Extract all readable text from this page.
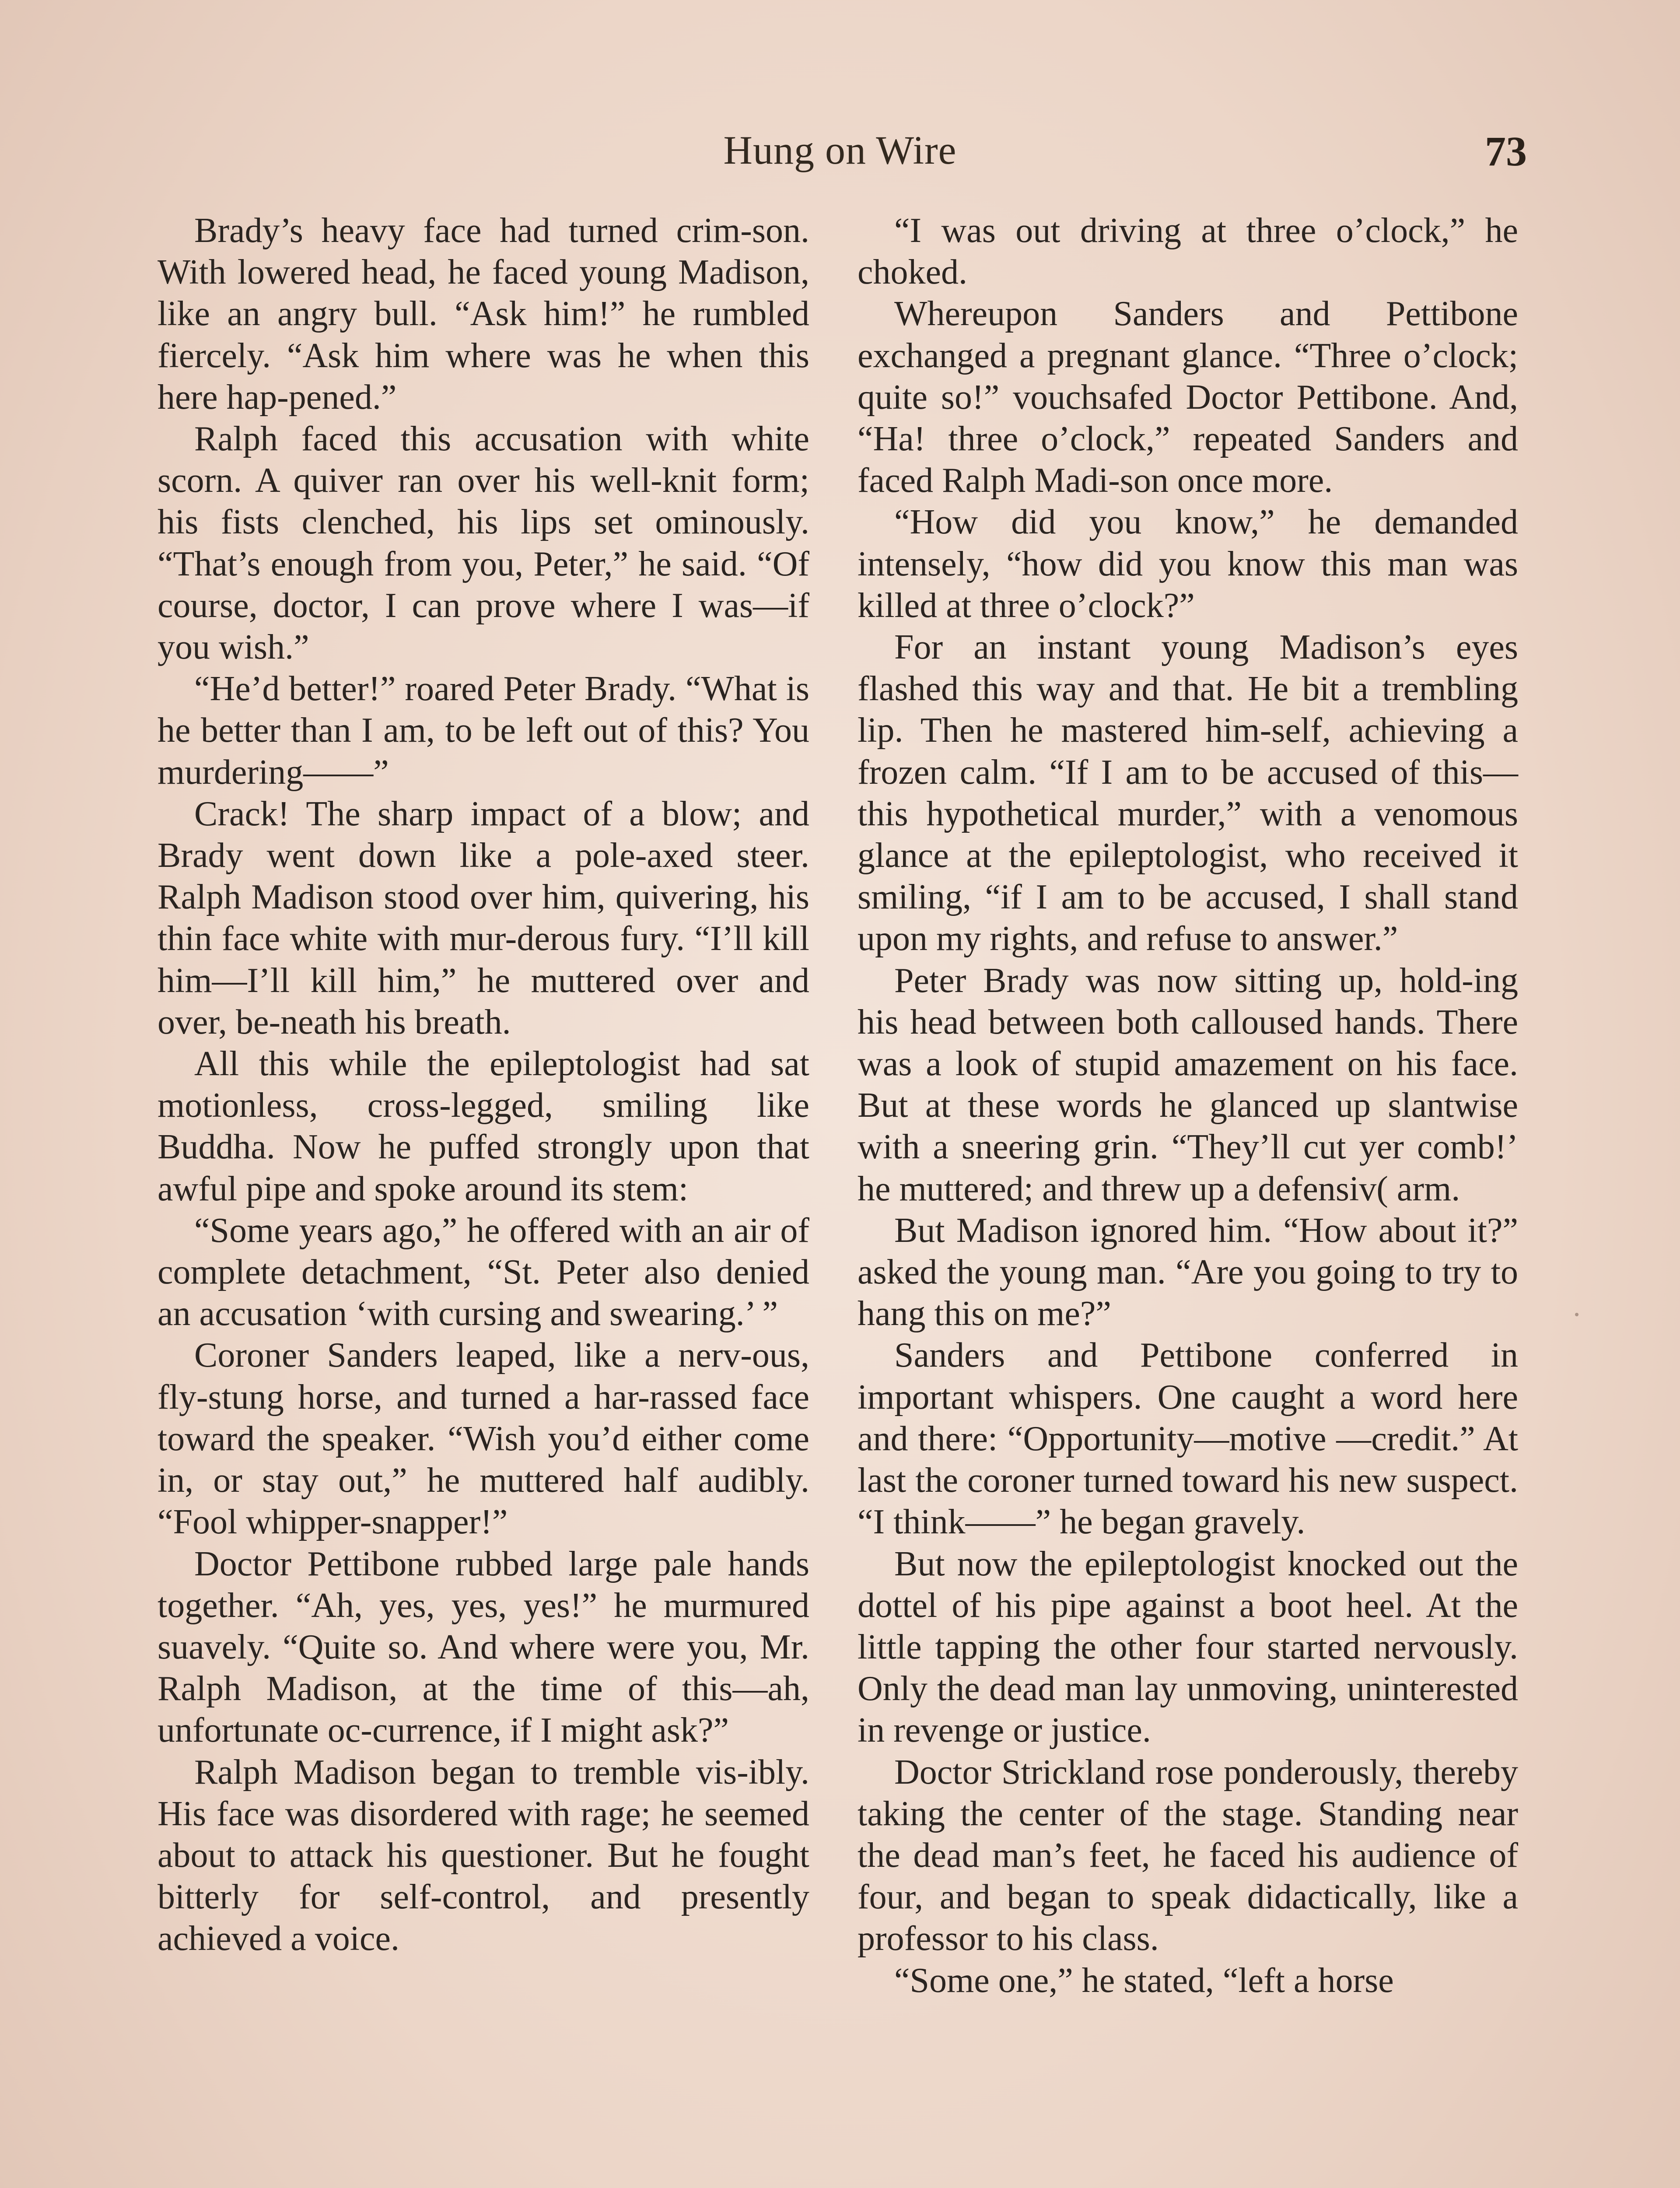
Hung on Wire	73

Brady’s heavy face had turned crim-son. With lowered head, he faced young Madison, like an angry bull. “Ask him!” he rumbled fiercely. “Ask him where was he when this here hap-pened.”

Ralph faced this accusation with white scorn. A quiver ran over his well-knit form; his fists clenched, his lips set ominously. “That’s enough from you, Peter,” he said. “Of course, doctor, I can prove where I was—if you wish.”

“He’d better!” roared Peter Brady. “What is he better than I am, to be left out of this? You murdering——”

Crack! The sharp impact of a blow; and Brady went down like a pole-axed steer. Ralph Madison stood over him, quivering, his thin face white with mur-derous fury. “I’ll kill him—I’ll kill him,” he muttered over and over, be-neath his breath.

All this while the epileptologist had sat motionless, cross-legged, smiling like Buddha. Now he puffed strongly upon that awful pipe and spoke around its stem:

“Some years ago,” he offered with an air of complete detachment, “St. Peter also denied an accusation ‘with cursing and swearing.’ ”

Coroner Sanders leaped, like a nerv-ous, fly-stung horse, and turned a har-rassed face toward the speaker. “Wish you’d either come in, or stay out,” he muttered half audibly. “Fool whipper-snapper!”

Doctor Pettibone rubbed large pale hands together. “Ah, yes, yes, yes!” he murmured suavely. “Quite so. And where were you, Mr. Ralph Madison, at the time of this—ah, unfortunate oc-currence, if I might ask?”

Ralph Madison began to tremble vis-ibly. His face was disordered with rage; he seemed about to attack his questioner. But he fought bitterly for self-control, and presently achieved a voice.

“I was out driving at three o’clock,” he choked.

Whereupon Sanders and Pettibone exchanged a pregnant glance. “Three o’clock; quite so!” vouchsafed Doctor Pettibone. And, “Ha! three o’clock,” repeated Sanders and faced Ralph Madi-son once more.

“How did you know,” he demanded intensely, “how did you know this man was killed at three o’clock?”

For an instant young Madison’s eyes flashed this way and that. He bit a trembling lip. Then he mastered him-self, achieving a frozen calm. “If I am to be accused of this—this hypothetical murder,” with a venomous glance at the epileptologist, who received it smiling, “if I am to be accused, I shall stand upon my rights, and refuse to answer.”

Peter Brady was now sitting up, hold-ing his head between both calloused hands. There was a look of stupid amazement on his face. But at these words he glanced up slantwise with a sneering grin. “They’ll cut yer comb!’ he muttered; and threw up a defensiv( arm.

But Madison ignored him. “How about it?” asked the young man. “Are you going to try to hang this on me?”

Sanders and Pettibone conferred in important whispers. One caught a word here and there: “Opportunity—motive —credit.” At last the coroner turned toward his new suspect. “I think——” he began gravely.

But now the epileptologist knocked out the dottel of his pipe against a boot heel. At the little tapping the other four started nervously. Only the dead man lay unmoving, uninterested in revenge or justice.

Doctor Strickland rose ponderously, thereby taking the center of the stage. Standing near the dead man’s feet, he faced his audience of four, and began to speak didactically, like a professor to his class.

“Some one,” he stated, “left a horse
